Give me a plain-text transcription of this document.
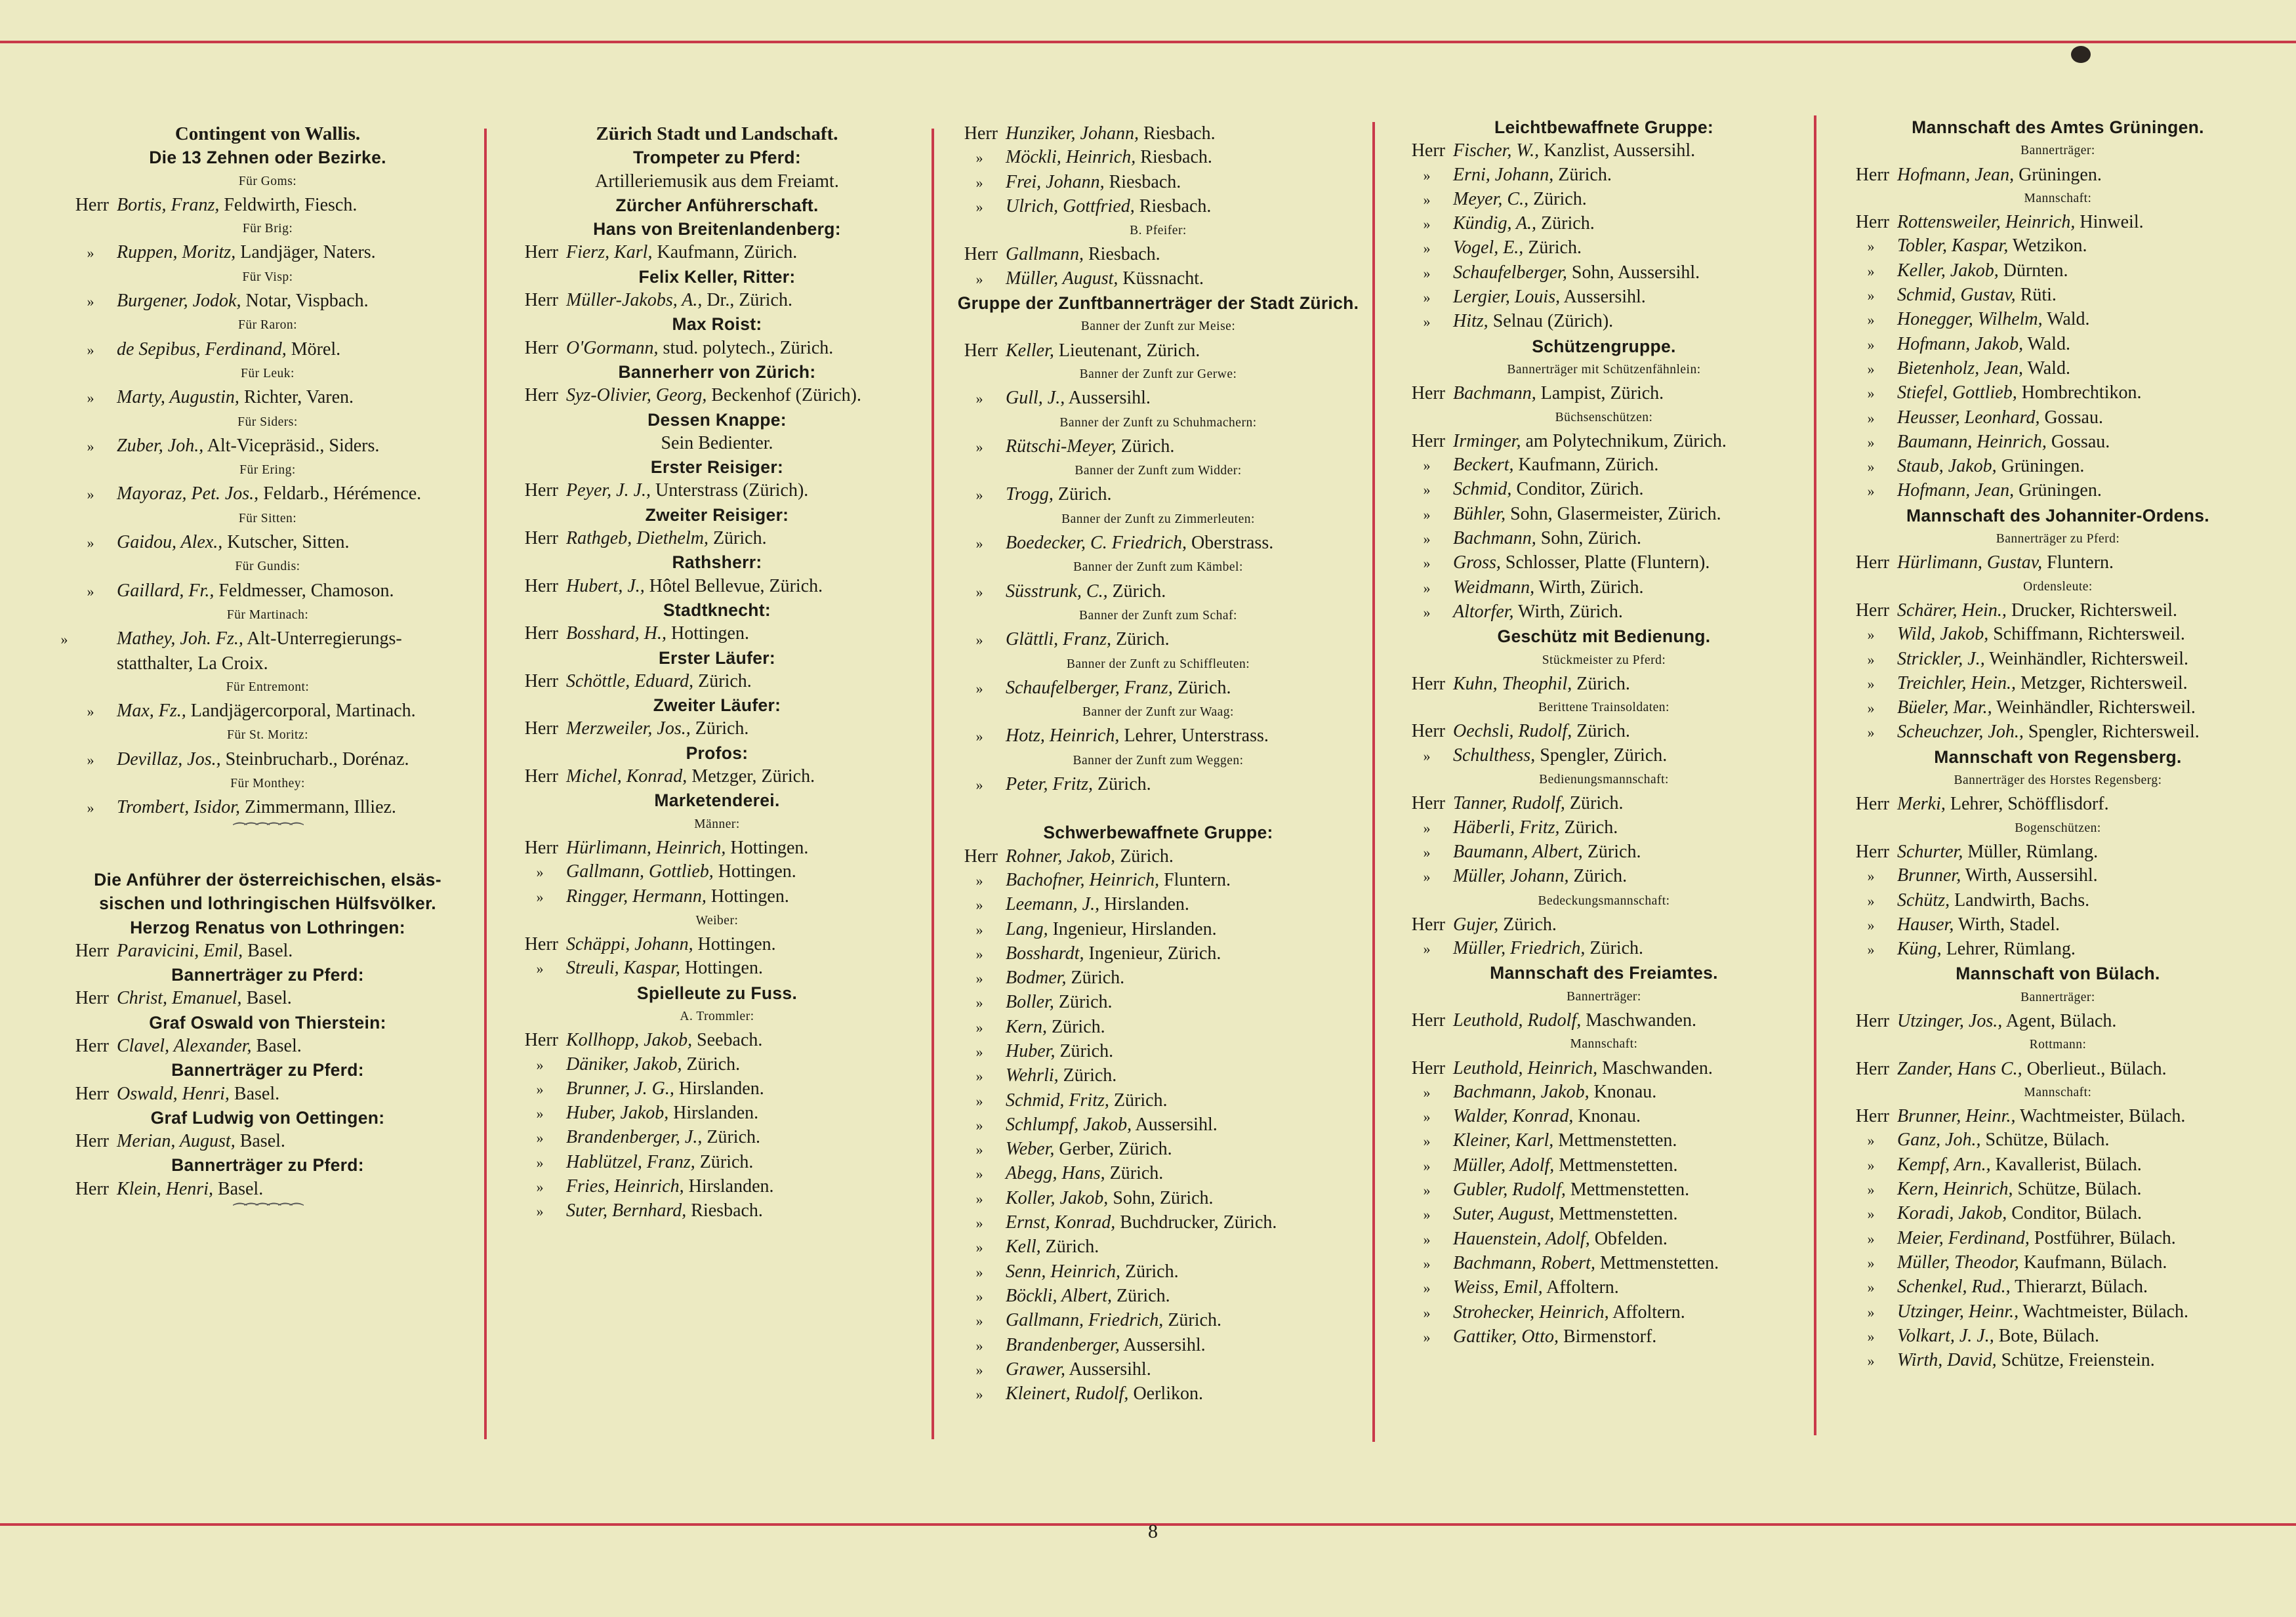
Contingent von Wallis.
Die 13 Zehnen oder Bezirke.
Für Goms:
Herr Bortis, Franz, Feldwirth, Fiesch.
Für Brig:
» Ruppen, Moritz, Landjäger, Naters.
Für Visp:
» Burgener, Jodok, Notar, Vispbach.
Für Raron:
» de Sepibus, Ferdinand, Mörel.
Für Leuk:
» Marty, Augustin, Richter, Varen.
Für Siders:
» Zuber, Joh., Alt-Vicepräsid., Siders.
Für Ering:
» Mayoraz, Pet. Jos., Feldarb., Hérémence.
Für Sitten:
» Gaidou, Alex., Kutscher, Sitten.
Für Gundis:
» Gaillard, Fr., Feldmesser, Chamoson.
Für Martinach:
»	Mathey, Joh. Fz., Alt-Unterregierungs-statthalter, La Croix.
Für Entremont:
» Max, Fz., Landjägercorporal, Martinach.
Für St. Moritz:
» Devillaz, Jos., Steinbrucharb., Dorénaz.
Für Monthey:
» Trombert, Isidor, Zimmermann, Illiez.
⁀⁀⁀⁀⁀⁀
Die Anführer der österreichischen, elsäs-sischen und lothringischen Hülfsvölker.
Herzog Renatus von Lothringen:
Herr Paravicini, Emil, Basel.
Bannerträger zu Pferd:
Herr Christ, Emanuel, Basel.
Graf Oswald von Thierstein:
Herr Clavel, Alexander, Basel.
Bannerträger zu Pferd:
Herr Oswald, Henri, Basel.
Graf Ludwig von Oettingen:
Herr Merian, August, Basel.
Bannerträger zu Pferd:
Herr Klein, Henri, Basel.
⁀⁀⁀⁀⁀⁀
Zürich Stadt und Landschaft.
Trompeter zu Pferd:
Artilleriemusik aus dem Freiamt.
Zürcher Anführerschaft.
Hans von Breitenlandenberg:
Herr Fierz, Karl, Kaufmann, Zürich.
Felix Keller, Ritter:
Herr Müller-Jakobs, A., Dr., Zürich.
Max Roist:
Herr O'Gormann, stud. polytech., Zürich.
Bannerherr von Zürich:
Herr Syz-Olivier, Georg, Beckenhof (Zürich).
Dessen Knappe:
Sein Bedienter.
Erster Reisiger:
Herr Peyer, J. J., Unterstrass (Zürich).
Zweiter Reisiger:
Herr Rathgeb, Diethelm, Zürich.
Rathsherr:
Herr Hubert, J., Hôtel Bellevue, Zürich.
Stadtknecht:
Herr Bosshard, H., Hottingen.
Erster Läufer:
Herr Schöttle, Eduard, Zürich.
Zweiter Läufer:
Herr Merzweiler, Jos., Zürich.
Profos:
Herr Michel, Konrad, Metzger, Zürich.
Marketenderei.
Männer:
Herr Hürlimann, Heinrich, Hottingen.
» Gallmann, Gottlieb, Hottingen.
» Ringger, Hermann, Hottingen.
Weiber:
Herr Schäppi, Johann, Hottingen.
» Streuli, Kaspar, Hottingen.
Spielleute zu Fuss.
A. Trommler:
Herr Kollhopp, Jakob, Seebach.
» Däniker, Jakob, Zürich.
» Brunner, J. G., Hirslanden.
» Huber, Jakob, Hirslanden.
» Brandenberger, J., Zürich.
» Hablützel, Franz, Zürich.
» Fries, Heinrich, Hirslanden.
» Suter, Bernhard, Riesbach.
Herr Hunziker, Johann, Riesbach.
» Möckli, Heinrich, Riesbach.
» Frei, Johann, Riesbach.
» Ulrich, Gottfried, Riesbach.
B. Pfeifer:
Herr Gallmann, Riesbach.
» Müller, August, Küssnacht.
Gruppe der Zunftbannerträger der Stadt Zürich.
Banner der Zunft zur Meise:
Herr Keller, Lieutenant, Zürich.
Banner der Zunft zur Gerwe:
» Gull, J., Aussersihl.
Banner der Zunft zu Schuhmachern:
» Rütschi-Meyer, Zürich.
Banner der Zunft zum Widder:
» Trogg, Zürich.
Banner der Zunft zu Zimmerleuten:
» Boedecker, C. Friedrich, Oberstrass.
Banner der Zunft zum Kämbel:
» Süsstrunk, C., Zürich.
Banner der Zunft zum Schaf:
» Glättli, Franz, Zürich.
Banner der Zunft zu Schiffleuten:
» Schaufelberger, Franz, Zürich.
Banner der Zunft zur Waag:
» Hotz, Heinrich, Lehrer, Unterstrass.
Banner der Zunft zum Weggen:
» Peter, Fritz, Zürich.
Schwerbewaffnete Gruppe:
Herr Rohner, Jakob, Zürich.
» Bachofner, Heinrich, Fluntern.
» Leemann, J., Hirslanden.
» Lang, Ingenieur, Hirslanden.
» Bosshardt, Ingenieur, Zürich.
» Bodmer, Zürich.
» Boller, Zürich.
» Kern, Zürich.
» Huber, Zürich.
» Wehrli, Zürich.
» Schmid, Fritz, Zürich.
» Schlumpf, Jakob, Aussersihl.
» Weber, Gerber, Zürich.
» Abegg, Hans, Zürich.
» Koller, Jakob, Sohn, Zürich.
» Ernst, Konrad, Buchdrucker, Zürich.
» Kell, Zürich.
» Senn, Heinrich, Zürich.
» Böckli, Albert, Zürich.
» Gallmann, Friedrich, Zürich.
» Brandenberger, Aussersihl.
» Grawer, Aussersihl.
» Kleinert, Rudolf, Oerlikon.
Leichtbewaffnete Gruppe:
Herr Fischer, W., Kanzlist, Aussersihl.
» Erni, Johann, Zürich.
» Meyer, C., Zürich.
» Kündig, A., Zürich.
» Vogel, E., Zürich.
» Schaufelberger, Sohn, Aussersihl.
» Lergier, Louis, Aussersihl.
» Hitz, Selnau (Zürich).
Schützengruppe.
Bannerträger mit Schützenfähnlein:
Herr Bachmann, Lampist, Zürich.
Büchsenschützen:
Herr Irminger, am Polytechnikum, Zürich.
» Beckert, Kaufmann, Zürich.
» Schmid, Conditor, Zürich.
» Bühler, Sohn, Glasermeister, Zürich.
» Bachmann, Sohn, Zürich.
» Gross, Schlosser, Platte (Fluntern).
» Weidmann, Wirth, Zürich.
» Altorfer, Wirth, Zürich.
Geschütz mit Bedienung.
Stückmeister zu Pferd:
Herr Kuhn, Theophil, Zürich.
Berittene Trainsoldaten:
Herr Oechsli, Rudolf, Zürich.
» Schulthess, Spengler, Zürich.
Bedienungsmannschaft:
Herr Tanner, Rudolf, Zürich.
» Häberli, Fritz, Zürich.
» Baumann, Albert, Zürich.
» Müller, Johann, Zürich.
Bedeckungsmannschaft:
Herr Gujer, Zürich.
» Müller, Friedrich, Zürich.
Mannschaft des Freiamtes.
Bannerträger:
Herr Leuthold, Rudolf, Maschwanden.
Mannschaft:
Herr Leuthold, Heinrich, Maschwanden.
» Bachmann, Jakob, Knonau.
» Walder, Konrad, Knonau.
» Kleiner, Karl, Mettmenstetten.
» Müller, Adolf, Mettmenstetten.
» Gubler, Rudolf, Mettmenstetten.
» Suter, August, Mettmenstetten.
» Hauenstein, Adolf, Obfelden.
» Bachmann, Robert, Mettmenstetten.
» Weiss, Emil, Affoltern.
» Strohecker, Heinrich, Affoltern.
» Gattiker, Otto, Birmenstorf.
Mannschaft des Amtes Grüningen.
Bannerträger:
Herr Hofmann, Jean, Grüningen.
Mannschaft:
Herr Rottensweiler, Heinrich, Hinweil.
» Tobler, Kaspar, Wetzikon.
» Keller, Jakob, Dürnten.
» Schmid, Gustav, Rüti.
» Honegger, Wilhelm, Wald.
» Hofmann, Jakob, Wald.
» Bietenholz, Jean, Wald.
» Stiefel, Gottlieb, Hombrechtikon.
» Heusser, Leonhard, Gossau.
» Baumann, Heinrich, Gossau.
» Staub, Jakob, Grüningen.
» Hofmann, Jean, Grüningen.
Mannschaft des Johanniter-Ordens.
Bannerträger zu Pferd:
Herr Hürlimann, Gustav, Fluntern.
Ordensleute:
Herr Schärer, Hein., Drucker, Richtersweil.
» Wild, Jakob, Schiffmann, Richtersweil.
» Strickler, J., Weinhändler, Richtersweil.
» Treichler, Hein., Metzger, Richtersweil.
» Büeler, Mar., Weinhändler, Richtersweil.
» Scheuchzer, Joh., Spengler, Richtersweil.
Mannschaft von Regensberg.
Bannerträger des Horstes Regensberg:
Herr Merki, Lehrer, Schöfflisdorf.
Bogenschützen:
Herr Schurter, Müller, Rümlang.
» Brunner, Wirth, Aussersihl.
» Schütz, Landwirth, Bachs.
» Hauser, Wirth, Stadel.
» Küng, Lehrer, Rümlang.
Mannschaft von Bülach.
Bannerträger:
Herr Utzinger, Jos., Agent, Bülach.
Rottmann:
Herr Zander, Hans C., Oberlieut., Bülach.
Mannschaft:
Herr Brunner, Heinr., Wachtmeister, Bülach.
» Ganz, Joh., Schütze, Bülach.
» Kempf, Arn., Kavallerist, Bülach.
» Kern, Heinrich, Schütze, Bülach.
» Koradi, Jakob, Conditor, Bülach.
» Meier, Ferdinand, Postführer, Bülach.
» Müller, Theodor, Kaufmann, Bülach.
» Schenkel, Rud., Thierarzt, Bülach.
» Utzinger, Heinr., Wachtmeister, Bülach.
» Volkart, J. J., Bote, Bülach.
» Wirth, David, Schütze, Freienstein.
8
